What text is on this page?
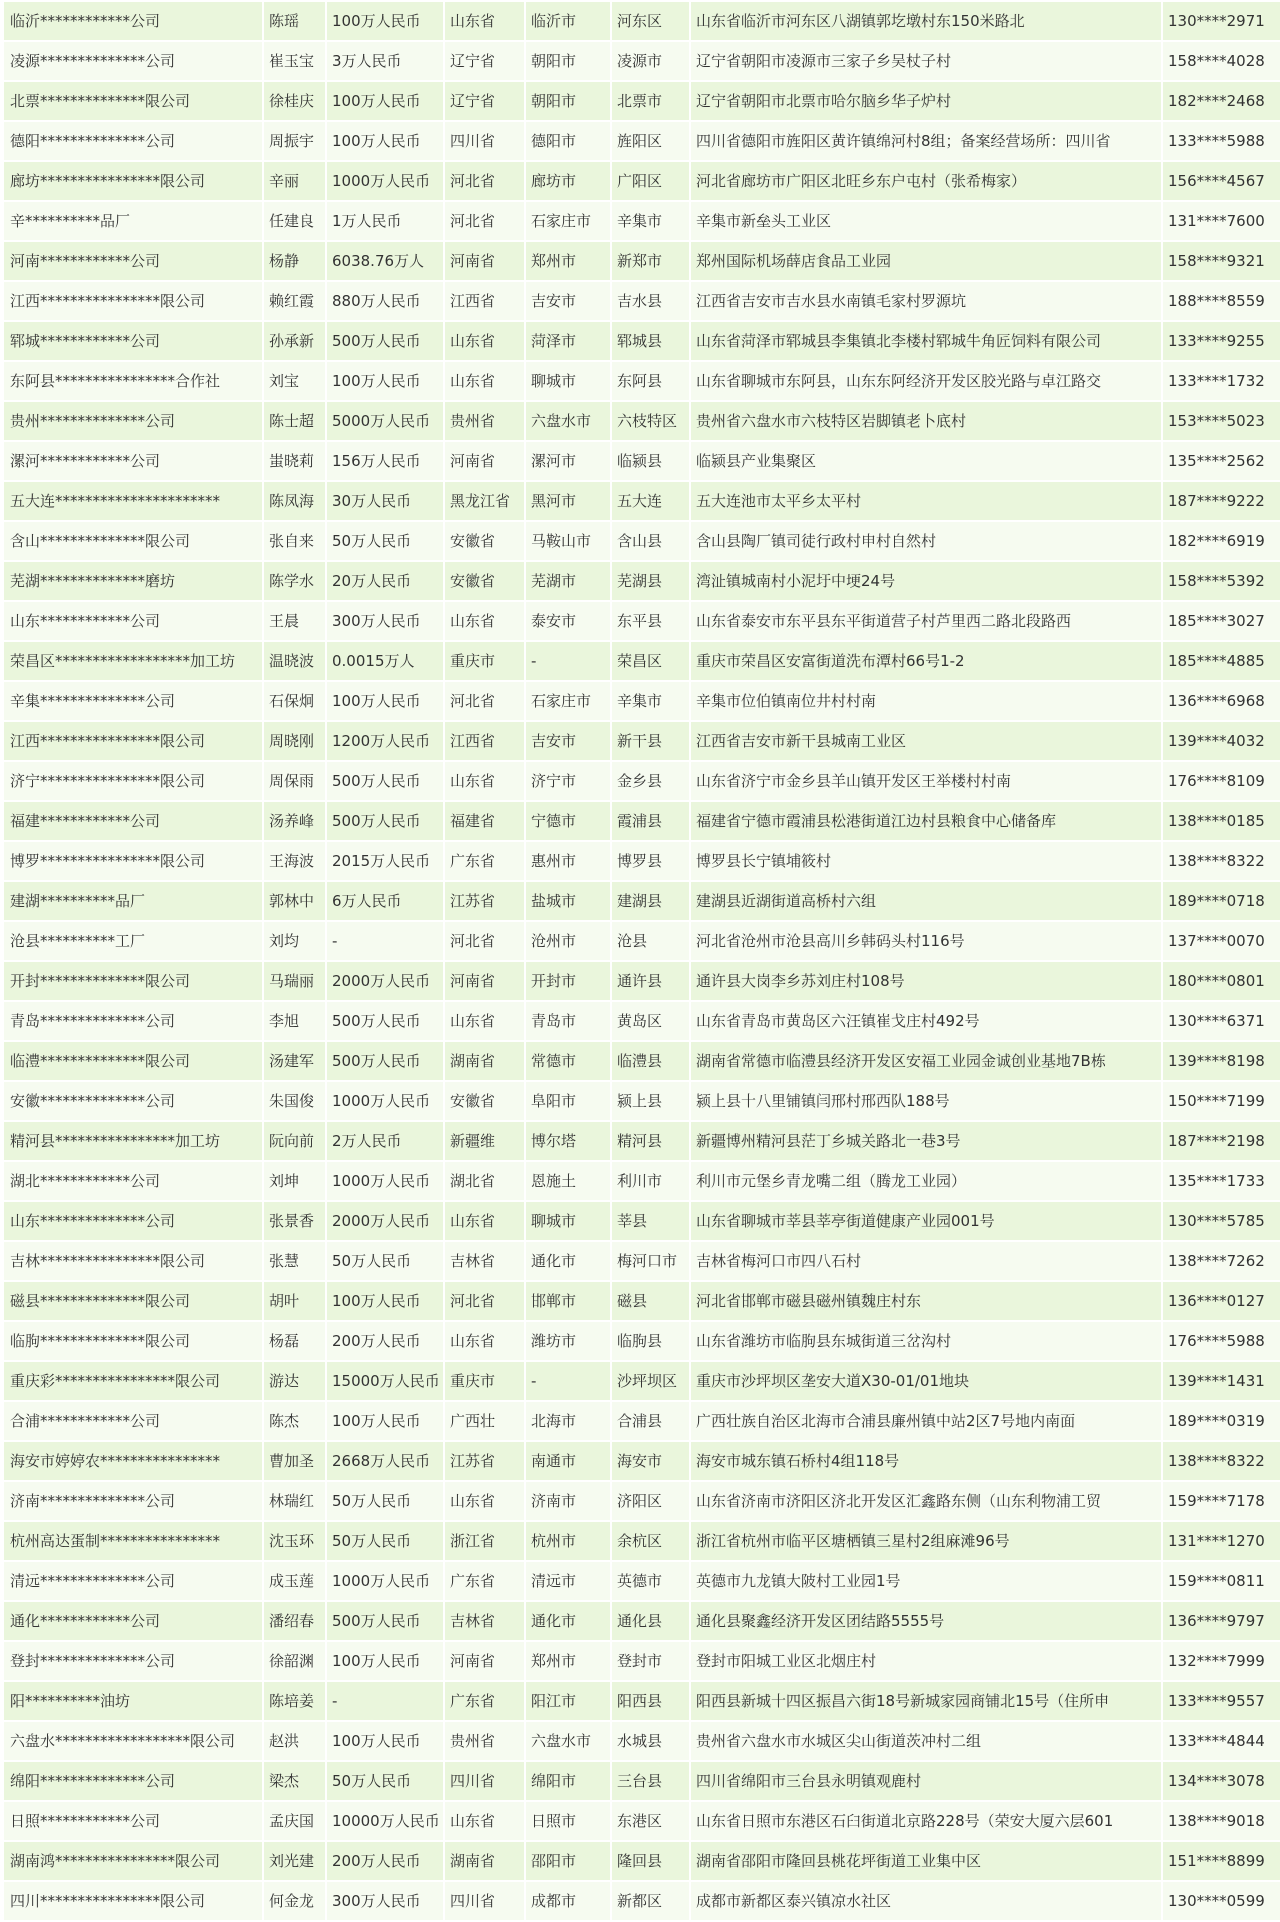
临沂************公司	陈瑶	100万人民币	山东省	临沂市	河东区	山东省临沂市河东区八湖镇郭圪墩村东150米路北	130****2971
凌源**************公司	崔玉宝	3万人民币	辽宁省	朝阳市	凌源市	辽宁省朝阳市凌源市三家子乡吴杖子村	158****4028
北票**************限公司	徐桂庆	100万人民币	辽宁省	朝阳市	北票市	辽宁省朝阳市北票市哈尔脑乡华子炉村	182****2468
德阳**************公司	周振宇	100万人民币	四川省	德阳市	旌阳区	四川省德阳市旌阳区黄许镇绵河村8组；备案经营场所：四川省	133****5988
廊坊****************限公司	辛丽	1000万人民币	河北省	廊坊市	广阳区	河北省廊坊市广阳区北旺乡东户屯村（张希梅家）	156****4567
辛**********品厂	任建良	1万人民币	河北省	石家庄市	辛集市	辛集市新垒头工业区	131****7600
河南************公司	杨静	6038.76万人	河南省	郑州市	新郑市	郑州国际机场薛店食品工业园	158****9321
江西****************限公司	赖红霞	880万人民币	江西省	吉安市	吉水县	江西省吉安市吉水县水南镇毛家村罗源坑	188****8559
郓城************公司	孙承新	500万人民币	山东省	菏泽市	郓城县	山东省菏泽市郓城县李集镇北李楼村郓城牛角匠饲料有限公司	133****9255
东阿县****************合作社	刘宝	100万人民币	山东省	聊城市	东阿县	山东省聊城市东阿县，山东东阿经济开发区胶光路与卓江路交	133****1732
贵州**************公司	陈士超	5000万人民币	贵州省	六盘水市	六枝特区	贵州省六盘水市六枝特区岩脚镇老卜底村	153****5023
漯河************公司	蚩晓莉	156万人民币	河南省	漯河市	临颍县	临颍县产业集聚区	135****2562
五大连**********************	陈凤海	30万人民币	黑龙江省	黑河市	五大连	五大连池市太平乡太平村	187****9222
含山**************限公司	张自来	50万人民币	安徽省	马鞍山市	含山县	含山县陶厂镇司徒行政村申村自然村	182****6919
芜湖**************磨坊	陈学水	20万人民币	安徽省	芜湖市	芜湖县	湾沚镇城南村小泥圩中埂24号	158****5392
山东************公司	王晨	300万人民币	山东省	泰安市	东平县	山东省泰安市东平县东平街道营子村芦里西二路北段路西	185****3027
荣昌区******************加工坊	温晓波	0.0015万人	重庆市	-	荣昌区	重庆市荣昌区安富街道洗布潭村66号1-2	185****4885
辛集**************公司	石保炯	100万人民币	河北省	石家庄市	辛集市	辛集市位伯镇南位井村村南	136****6968
江西****************限公司	周晓刚	1200万人民币	江西省	吉安市	新干县	江西省吉安市新干县城南工业区	139****4032
济宁****************限公司	周保雨	500万人民币	山东省	济宁市	金乡县	山东省济宁市金乡县羊山镇开发区王举楼村村南	176****8109
福建************公司	汤养峰	500万人民币	福建省	宁德市	霞浦县	福建省宁德市霞浦县松港街道江边村县粮食中心储备库	138****0185
博罗****************限公司	王海波	2015万人民币	广东省	惠州市	博罗县	博罗县长宁镇埔筱村	138****8322
建湖**********品厂	郭林中	6万人民币	江苏省	盐城市	建湖县	建湖县近湖街道高桥村六组	189****0718
沧县**********工厂	刘均	-	河北省	沧州市	沧县	河北省沧州市沧县高川乡韩码头村116号	137****0070
开封**************限公司	马瑞丽	2000万人民币	河南省	开封市	通许县	通许县大岗李乡苏刘庄村108号	180****0801
青岛**************公司	李旭	500万人民币	山东省	青岛市	黄岛区	山东省青岛市黄岛区六汪镇崔戈庄村492号	130****6371
临澧**************限公司	汤建军	500万人民币	湖南省	常德市	临澧县	湖南省常德市临澧县经济开发区安福工业园金诚创业基地7B栋	139****8198
安徽**************公司	朱国俊	1000万人民币	安徽省	阜阳市	颍上县	颍上县十八里铺镇闫邢村邢西队188号	150****7199
精河县****************加工坊	阮向前	2万人民币	新疆维	博尔塔	精河县	新疆博州精河县茫丁乡城关路北一巷3号	187****2198
湖北************公司	刘坤	1000万人民币	湖北省	恩施土	利川市	利川市元堡乡青龙嘴二组（腾龙工业园）	135****1733
山东**************公司	张景香	2000万人民币	山东省	聊城市	莘县	山东省聊城市莘县莘亭街道健康产业园001号	130****5785
吉林****************限公司	张慧	50万人民币	吉林省	通化市	梅河口市	吉林省梅河口市四八石村	138****7262
磁县**************限公司	胡叶	100万人民币	河北省	邯郸市	磁县	河北省邯郸市磁县磁州镇魏庄村东	136****0127
临朐**************限公司	杨磊	200万人民币	山东省	潍坊市	临朐县	山东省潍坊市临朐县东城街道三岔沟村	176****5988
重庆彩****************限公司	游达	15000万人民币 重庆市	-	沙坪坝区	重庆市沙坪坝区垄安大道X30-01/01地块	139****1431
合浦************公司	陈杰	100万人民币	广西壮	北海市	合浦县	广西壮族自治区北海市合浦县廉州镇中站2区7号地内南面	189****0319
海安市婷婷农****************	曹加圣	2668万人民币	江苏省	南通市	海安市	海安市城东镇石桥村4组118号	138****8322
济南**************公司	林瑞红	50万人民币	山东省	济南市	济阳区	山东省济南市济阳区济北开发区汇鑫路东侧（山东利物浦工贸	159****7178
杭州高达蛋制****************	沈玉环	50万人民币	浙江省	杭州市	余杭区	浙江省杭州市临平区塘栖镇三星村2组麻滩96号	131****1270
清远**************公司	成玉莲	1000万人民币	广东省	清远市	英德市	英德市九龙镇大陂村工业园1号	159****0811
通化************公司	潘绍春	500万人民币	吉林省	通化市	通化县	通化县聚鑫经济开发区团结路5555号	136****9797
登封**************公司	徐韶渊	100万人民币	河南省	郑州市	登封市	登封市阳城工业区北烟庄村	132****7999
阳**********油坊	陈培姜	-	广东省	阳江市	阳西县	阳西县新城十四区振昌六街18号新城家园商铺北15号（住所申	133****9557
六盘水******************限公司	赵洪	100万人民币	贵州省	六盘水市	水城县	贵州省六盘水市水城区尖山街道茨冲村二组	133****4844
绵阳**************公司	梁杰	50万人民币	四川省	绵阳市	三台县	四川省绵阳市三台县永明镇观鹿村	134****3078
日照************公司	孟庆国	10000万人民币 山东省	日照市	东港区	山东省日照市东港区石臼街道北京路228号（荣安大厦六层601	138****9018
湖南鸿****************限公司	刘光建	200万人民币	湖南省	邵阳市	隆回县	湖南省邵阳市隆回县桃花坪街道工业集中区	151****8899
四川****************限公司	何金龙	300万人民币	四川省	成都市	新都区	成都市新都区泰兴镇凉水社区	130****0599
